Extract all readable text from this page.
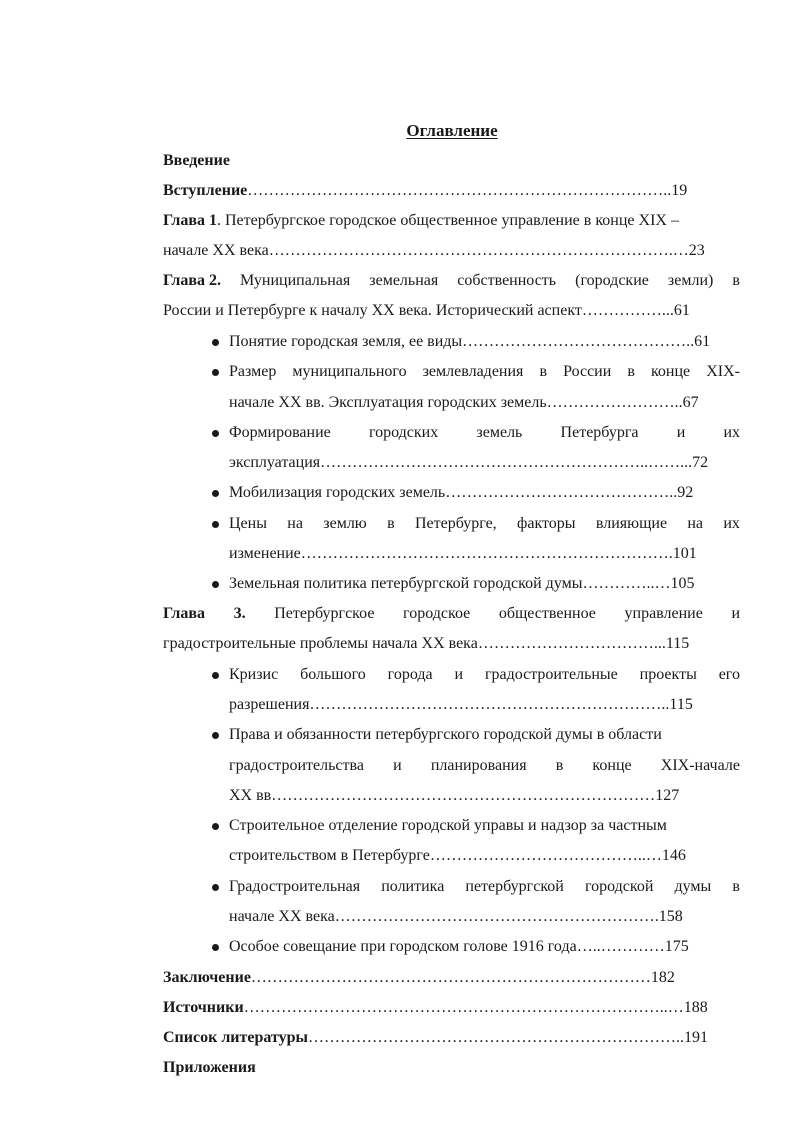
Оглавление
Введение
Вступление……………………………………………………………………..19
Глава 1. Петербургское городское общественное управление в конце XIX –
начале XX века………………………………………………………………….…23
Глава 2. Муниципальная земельная собственность (городские земли) в
России и Петербурге к началу XX века. Исторический аспект……………...61
Понятие городская земля, ее виды……………………………………..61
Размер муниципального землевладения в России в конце XIX-
начале XX вв. Эксплуатация городских земель……………………..67
Формирование городских земель Петербурга и их
эксплуатация……………………………………………………..……...72
Мобилизация городских земель……………………………………..92
Цены на землю в Петербурге, факторы влияющие на их
изменение…………………………………………………………….101
Земельная политика петербургской городской думы…………..…105
Глава 3. Петербургское городское общественное управление и
градостроительные проблемы начала XX века……………………………...115
Кризис большого города и градостроительные проекты его
разрешения…………………………………………………………..115
Права и обязанности петербургского городской думы в области
градостроительства и планирования в конце XIX-начале
XX вв………………………………………………………………127
Строительное отделение городской управы и надзор за частным
строительством в Петербурге…………………………………..…146
Градостроительная политика петербургской городской думы в
начале XX века…………………………………………………….158
Особое совещание при городском голове 1916 года…..…………175
Заключение…………………………………………………………………182
Источники……………………………………………………………………..…188
Список литературы……………………………………………………………..191
Приложения
